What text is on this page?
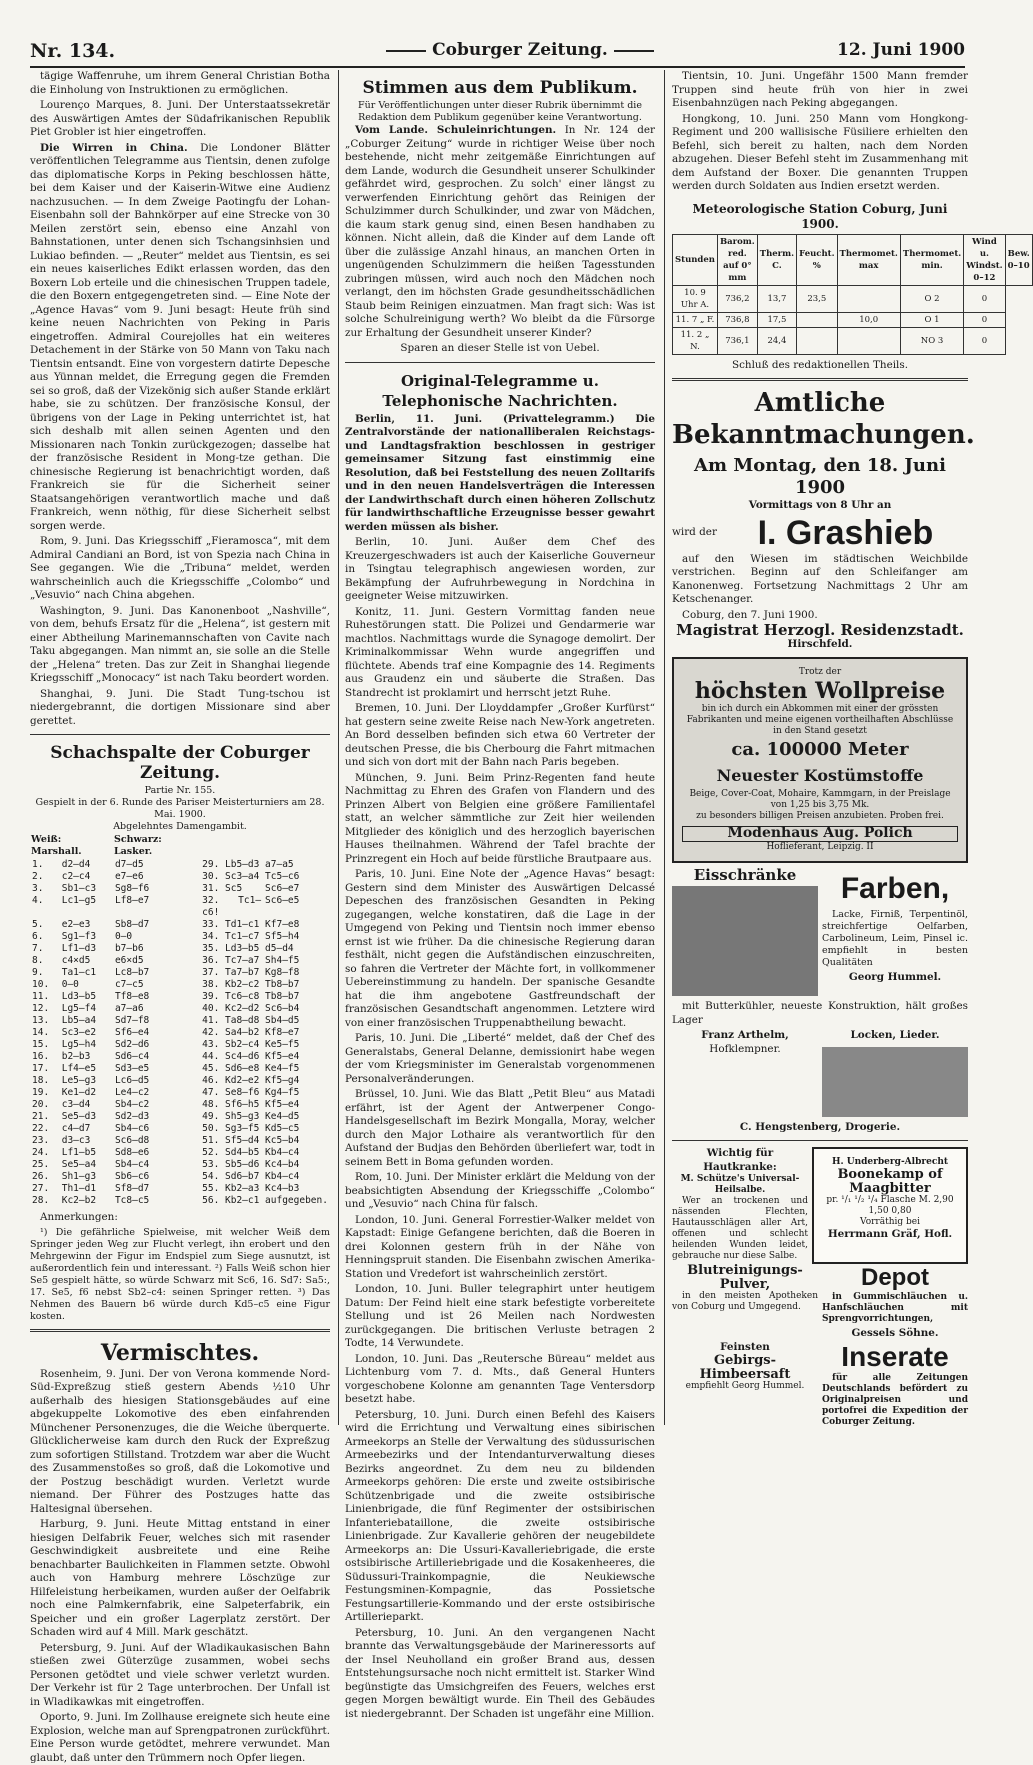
Nr. 134.	Coburger Zeitung.	12. Juni 1900

tägige Waffenruhe, um ihrem General Christian Botha die Einholung von Instruktionen zu ermöglichen.

Lourenço Marques, 8. Juni. Der Unterstaatssekretär des Auswärtigen Amtes der Südafrikanischen Republik Piet Grobler ist hier eingetroffen.

Die Wirren in China. Die Londoner Blätter veröffentlichen Telegramme aus Tientsin, denen zufolge das diplomatische Korps in Peking beschlossen hätte, bei dem Kaiser und der Kaiserin-Witwe eine Audienz nachzusuchen. — In dem Zweige Paotingfu der Lohan-Eisenbahn soll der Bahnkörper auf eine Strecke von 30 Meilen zerstört sein, ebenso eine Anzahl von Bahnstationen, unter denen sich Tschangsinhsien und Lukiao befinden. — „Reuter“ meldet aus Tientsin, es sei ein neues kaiserliches Edikt erlassen worden, das den Boxern Lob erteile und die chinesischen Truppen tadele, die den Boxern entgegengetreten sind. — Eine Note der „Agence Havas“ vom 9. Juni besagt: Heute früh sind keine neuen Nachrichten von Peking in Paris eingetroffen. Admiral Courejolles hat ein weiteres Detachement in der Stärke von 50 Mann von Taku nach Tientsin entsandt. Eine von vorgestern datirte Depesche aus Yünnan meldet, die Erregung gegen die Fremden sei so groß, daß der Vizekönig sich außer Stande erklärt habe, sie zu schützen. Der französische Konsul, der übrigens von der Lage in Peking unterrichtet ist, hat sich deshalb mit allen seinen Agenten und den Missionaren nach Tonkin zurückgezogen; dasselbe hat der französische Resident in Mong-tze gethan. Die chinesische Regierung ist benachrichtigt worden, daß Frankreich sie für die Sicherheit seiner Staatsangehörigen verantwortlich mache und daß Frankreich, wenn nöthig, für diese Sicherheit selbst sorgen werde.

Rom, 9. Juni. Das Kriegsschiff „Fieramosca“, mit dem Admiral Candiani an Bord, ist von Spezia nach China in See gegangen. Wie die „Tribuna“ meldet, werden wahrscheinlich auch die Kriegsschiffe „Colombo“ und „Vesuvio“ nach China abgehen.

Washington, 9. Juni. Das Kanonenboot „Nashville“, von dem, behufs Ersatz für die „Helena“, ist gestern mit einer Abtheilung Marinemannschaften von Cavite nach Taku abgegangen. Man nimmt an, sie solle an die Stelle der „Helena“ treten. Das zur Zeit in Shanghai liegende Kriegsschiff „Monocacy“ ist nach Taku beordert worden.

Shanghai, 9. Juni. Die Stadt Tung-tschou ist niedergebrannt, die dortigen Missionare sind aber gerettet.

Schachspalte der Coburger Zeitung.
Partie Nr. 155.
Gespielt in der 6. Runde des Pariser Meisterturniers am 28. Mai. 1900.
Abgelehntes Damengambit.
Weiß: Marshall.		Schwarz: Lasker.		
1.	d2–d4	d7–d5	29. Lb5–d3	a7–a5
2.	c2–c4	e7–e6	30. Sc3–a4	Tc5–c6
3.	Sb1–c3	Sg8–f6	31. Sc5	Sc6–e7
4.	Lc1–g5	Lf8–e7	32. Tc1–c6!	Sc6–e5
5.	e2–e3	Sb8–d7	33. Td1–c1	Kf7–e8
6.	Sg1–f3	0–0	34. Tc1–c7	Sf5–h4
7.	Lf1–d3	b7–b6	35. Ld3–b5	d5–d4
8.	c4×d5	e6×d5	36. Tc7–a7	Sh4–f5
9.	Ta1–c1	Lc8–b7	37. Ta7–b7	Kg8–f8
10.	0–0	c7–c5	38. Kb2–c2	Tb8–b7
11.	Ld3–b5	Tf8–e8	39. Tc6–c8	Tb8–b7
12.	Lg5–f4	a7–a6	40. Kc2–d2	Sc6–b4
13.	Lb5–a4	Sd7–f8	41. Ta8–d8	Sb4–d5
14.	Sc3–e2	Sf6–e4	42. Sa4–b2	Kf8–e7
15.	Lg5–h4	Sd2–d6	43. Sb2–c4	Ke5–f5
16.	b2–b3	Sd6–c4	44. Sc4–d6	Kf5–e4
17.	Lf4–e5	Sd3–e5	45. Sd6–e8	Ke4–f5
18.	Le5–g3	Lc6–d5	46. Kd2–e2	Kf5–g4
19.	Ke1–d2	Le4–c2	47. Se8–f6	Kg4–f5
20.	c3–d4	Sb4–c2	48. Sf6–h5	Kf5–e4
21.	Se5–d3	Sd2–d3	49. Sh5–g3	Ke4–d5
22.	c4–d7	Sb4–c6	50. Sg3–f5	Kd5–c5
23.	d3–c3	Sc6–d8	51. Sf5–d4	Kc5–b4
24.	Lf1–b5	Sd8–e6	52. Sd4–b5	Kb4–c4
25.	Se5–a4	Sb4–c4	53. Sb5–d6	Kc4–b4
26.	Sh1–g3	Sb6–c6	54. Sd6–b7	Kb4–c4
27.	Th1–d1	Sf8–d7	55. Kb2–a3	Kc4–b3
28.	Kc2–b2	Tc8–c5	56. Kb2–c1	aufgegeben.

Anmerkungen:

¹) Die gefährliche Spielweise, mit welcher Weiß dem Springer jeden Weg zur Flucht verlegt, ihn erobert und den Mehrgewinn der Figur im Endspiel zum Siege ausnutzt, ist außerordentlich fein und interessant. ²) Falls Weiß schon hier Se5 gespielt hätte, so würde Schwarz mit Sc6, 16. Sd7: Sa5:, 17. Se5, f6 nebst Sb2–c4: seinen Springer retten. ³) Das Nehmen des Bauern b6 würde durch Kd5–c5 eine Figur kosten.

Vermischtes.

Rosenheim, 9. Juni. Der von Verona kommende Nord-Süd-Expreßzug stieß gestern Abends ½10 Uhr außerhalb des hiesigen Stationsgebäudes auf eine abgekuppelte Lokomotive des eben einfahrenden Münchener Personenzuges, die die Weiche überquerte. Glücklicherweise kam durch den Ruck der Expreßzug zum sofortigen Stillstand. Trotzdem war aber die Wucht des Zusammenstoßes so groß, daß die Lokomotive und der Postzug beschädigt wurden. Verletzt wurde niemand. Der Führer des Postzuges hatte das Haltesignal übersehen.

Harburg, 9. Juni. Heute Mittag entstand in einer hiesigen Delfabrik Feuer, welches sich mit rasender Geschwindigkeit ausbreitete und eine Reihe benachbarter Baulichkeiten in Flammen setzte. Obwohl auch von Hamburg mehrere Löschzüge zur Hilfeleistung herbeikamen, wurden außer der Oelfabrik noch eine Palmkernfabrik, eine Salpeterfabrik, ein Speicher und ein großer Lagerplatz zerstört. Der Schaden wird auf 4 Mill. Mark geschätzt.

Petersburg, 9. Juni. Auf der Wladikaukasischen Bahn stießen zwei Güterzüge zusammen, wobei sechs Personen getödtet und viele schwer verletzt wurden. Der Verkehr ist für 2 Tage unterbrochen. Der Unfall ist in Wladikawkas mit eingetroffen.

Oporto, 9. Juni. Im Zollhause ereignete sich heute eine Explosion, welche man auf Sprengpatronen zurückführt. Eine Person wurde getödtet, mehrere verwundet. Man glaubt, daß unter den Trümmern noch Opfer liegen.

Stimmen aus dem Publikum.
Für Veröffentlichungen unter dieser Rubrik übernimmt die Redaktion dem Publikum gegenüber keine Verantwortung.

Vom Lande. Schuleinrichtungen. In Nr. 124 der „Coburger Zeitung“ wurde in richtiger Weise über noch bestehende, nicht mehr zeitgemäße Einrichtungen auf dem Lande, wodurch die Gesundheit unserer Schulkinder gefährdet wird, gesprochen. Zu solch' einer längst zu verwerfenden Einrichtung gehört das Reinigen der Schulzimmer durch Schulkinder, und zwar von Mädchen, die kaum stark genug sind, einen Besen handhaben zu können. Nicht allein, daß die Kinder auf dem Lande oft über die zulässige Anzahl hinaus, an manchen Orten in ungenügenden Schulzimmern die heißen Tagesstunden zubringen müssen, wird auch noch den Mädchen noch verlangt, den im höchsten Grade gesundheitsschädlichen Staub beim Reinigen einzuatmen. Man fragt sich: Was ist solche Schulreinigung werth? Wo bleibt da die Fürsorge zur Erhaltung der Gesundheit unserer Kinder?

Sparen an dieser Stelle ist von Uebel.

Original-Telegramme u. Telephonische Nachrichten.

Berlin, 11. Juni. (Privattelegramm.) Die Zentralvorstände der nationalliberalen Reichstags- und Landtagsfraktion beschlossen in gestriger gemeinsamer Sitzung fast einstimmig eine Resolution, daß bei Feststellung des neuen Zolltarifs und in den neuen Handelsverträgen die Interessen der Landwirthschaft durch einen höheren Zollschutz für landwirthschaftliche Erzeugnisse besser gewahrt werden müssen als bisher.

Berlin, 10. Juni. Außer dem Chef des Kreuzergeschwaders ist auch der Kaiserliche Gouverneur in Tsingtau telegraphisch angewiesen worden, zur Bekämpfung der Aufruhrbewegung in Nordchina in geeigneter Weise mitzuwirken.

Konitz, 11. Juni. Gestern Vormittag fanden neue Ruhestörungen statt. Die Polizei und Gendarmerie war machtlos. Nachmittags wurde die Synagoge demolirt. Der Kriminalkommissar Wehn wurde angegriffen und flüchtete. Abends traf eine Kompagnie des 14. Regiments aus Graudenz ein und säuberte die Straßen. Das Standrecht ist proklamirt und herrscht jetzt Ruhe.

Bremen, 10. Juni. Der Lloyddampfer „Großer Kurfürst“ hat gestern seine zweite Reise nach New-York angetreten. An Bord desselben befinden sich etwa 60 Vertreter der deutschen Presse, die bis Cherbourg die Fahrt mitmachen und sich von dort mit der Bahn nach Paris begeben.

München, 9. Juni. Beim Prinz-Regenten fand heute Nachmittag zu Ehren des Grafen von Flandern und des Prinzen Albert von Belgien eine größere Familientafel statt, an welcher sämmtliche zur Zeit hier weilenden Mitglieder des königlich und des herzoglich bayerischen Hauses theilnahmen. Während der Tafel brachte der Prinzregent ein Hoch auf beide fürstliche Brautpaare aus.

Paris, 10. Juni. Eine Note der „Agence Havas“ besagt: Gestern sind dem Minister des Auswärtigen Delcassé Depeschen des französischen Gesandten in Peking zugegangen, welche konstatiren, daß die Lage in der Umgegend von Peking und Tientsin noch immer ebenso ernst ist wie früher. Da die chinesische Regierung daran festhält, nicht gegen die Aufständischen einzuschreiten, so fahren die Vertreter der Mächte fort, in vollkommener Uebereinstimmung zu handeln. Der spanische Gesandte hat die ihm angebotene Gastfreundschaft der französischen Gesandtschaft angenommen. Letztere wird von einer französischen Truppenabtheilung bewacht.

Paris, 10. Juni. Die „Liberté“ meldet, daß der Chef des Generalstabs, General Delanne, demissionirt habe wegen der vom Kriegsminister im Generalstab vorgenommenen Personalveränderungen.

Brüssel, 10. Juni. Wie das Blatt „Petit Bleu“ aus Matadi erfährt, ist der Agent der Antwerpener Congo-Handelsgesellschaft im Bezirk Mongalla, Moray, welcher durch den Major Lothaire als verantwortlich für den Aufstand der Budjas den Behörden überliefert war, todt in seinem Bett in Boma gefunden worden.

Rom, 10. Juni. Der Minister erklärt die Meldung von der beabsichtigten Absendung der Kriegsschiffe „Colombo“ und „Vesuvio“ nach China für falsch.

London, 10. Juni. General Forrestier-Walker meldet von Kapstadt: Einige Gefangene berichten, daß die Boeren in drei Kolonnen gestern früh in der Nähe von Henningspruit standen. Die Eisenbahn zwischen Amerika-Station und Vredefort ist wahrscheinlich zerstört.

London, 10. Juni. Buller telegraphirt unter heutigem Datum: Der Feind hielt eine stark befestigte vorbereitete Stellung und ist 26 Meilen nach Nordwesten zurückgegangen. Die britischen Verluste betragen 2 Todte, 14 Verwundete.

London, 10. Juni. Das „Reutersche Büreau“ meldet aus Lichtenburg vom 7. d. Mts., daß General Hunters vorgeschobene Kolonne am genannten Tage Ventersdorp besetzt habe.

Petersburg, 10. Juni. Durch einen Befehl des Kaisers wird die Errichtung und Verwaltung eines sibirischen Armeekorps an Stelle der Verwaltung des südussurischen Armeebezirks und der Intendanturverwaltung dieses Bezirks angeordnet. Zu dem neu zu bildenden Armeekorps gehören: Die erste und zweite ostsibirische Schützenbrigade und die zweite ostsibirische Linienbrigade, die fünf Regimenter der ostsibirischen Infanteriebataillone, die zweite ostsibirische Linienbrigade. Zur Kavallerie gehören der neugebildete Armeekorps an: Die Ussuri-Kavalleriebrigade, die erste ostsibirische Artilleriebrigade und die Kosakenheeres, die Südussuri-Trainkompagnie, die Neukiewsche Festungsminen-Kompagnie, das Possietsche Festungsartillerie-Kommando und der erste ostsibirische Artillerieparkt.

Petersburg, 10. Juni. An den vergangenen Nacht brannte das Verwaltungsgebäude der Marineressorts auf der Insel Neuholland ein großer Brand aus, dessen Entstehungsursache noch nicht ermittelt ist. Starker Wind begünstigte das Umsichgreifen des Feuers, welches erst gegen Morgen bewältigt wurde. Ein Theil des Gebäudes ist niedergebrannt. Der Schaden ist ungefähr eine Million.

Tientsin, 10. Juni. Ungefähr 1500 Mann fremder Truppen sind heute früh von hier in zwei Eisenbahnzügen nach Peking abgegangen.

Hongkong, 10. Juni. 250 Mann vom Hongkong-Regiment und 200 wallisische Füsiliere erhielten den Befehl, sich bereit zu halten, nach dem Norden abzugehen. Dieser Befehl steht im Zusammenhang mit dem Aufstand der Boxer. Die genannten Truppen werden durch Soldaten aus Indien ersetzt werden.

Meteorologische Station Coburg, Juni 1900.
Stunden	Barom. red. auf 0° mm	Therm. C.	Feucht. %	Thermomet. max	Thermomet. min.	Wind u. Windst. 0–12	Bew. 0–10
10. 9 Uhr A.	736,2	13,7	23,5		O 2	0	
11. 7 „ F.	736,8	17,5		10,0	O 1	0	
11. 2 „ N.	736,1	24,4			NO 3	0	

Schluß des redaktionellen Theils.

Amtliche Bekanntmachungen.
Am Montag, den 18. Juni 1900
Vormittags von 8 Uhr an
wird der	I. Grashieb

auf den Wiesen im städtischen Weichbilde verstrichen. Beginn auf den Schleifanger am Kanonenweg. Fortsetzung Nachmittags 2 Uhr am Ketschenanger.

Coburg, den 7. Juni 1900.

Magistrat Herzogl. Residenzstadt.
Hirschfeld.
Trotz der
höchsten Wollpreise
bin ich durch ein Abkommen mit einer der grössten Fabrikanten und meine eigenen vortheilhaften Abschlüsse in den Stand gesetzt
ca. 100000 Meter
Neuester Kostümstoffe
Beige, Cover-Coat, Mohaire, Kammgarn, in der Preislage von 1,25 bis 3,75 Mk.
zu besonders billigen Preisen anzubieten. Proben frei.
Modenhaus Aug. Polich
Hoflieferant, Leipzig. II
Eisschränke	Farben,

Lacke, Firniß, Terpentinöl, streichfertige Oelfarben, Carbolineum, Leim, Pinsel ic. empfiehlt in besten Qualitäten

Georg Hummel.

mit Butterkühler, neueste Konstruktion, hält großes Lager

Franz Arthelm,
Hofklempner.
Locken, Lieder.
C. Hengstenberg, Drogerie.
Wichtig für Hautkranke:
M. Schütze's Universal-Heilsalbe.

Wer an trockenen und nässenden Flechten, Hautausschlägen aller Art, offenen und schlecht heilenden Wunden leidet, gebrauche nur diese Salbe.

H. Underberg-Albrecht
Boonekamp of Maagbitter
pr. ¹/₁ ¹/₂ ¹/₄ Flasche M. 2,90 1,50 0,80
Vorräthig bei
Herrmann Gräf, Hofl.
Blutreinigungs-Pulver,

in den meisten Apotheken von Coburg und Umgegend.

Depot

in Gummischläuchen u. Hanfschläuchen mit Sprengvorrichtungen,

Gessels Söhne.
Feinsten
Gebirgs-Himbeersaft
empfiehlt Georg Hummel.
Inserate

für alle Zeitungen Deutschlands befördert zu Originalpreisen und portofrei die Expedition der Coburger Zeitung.
